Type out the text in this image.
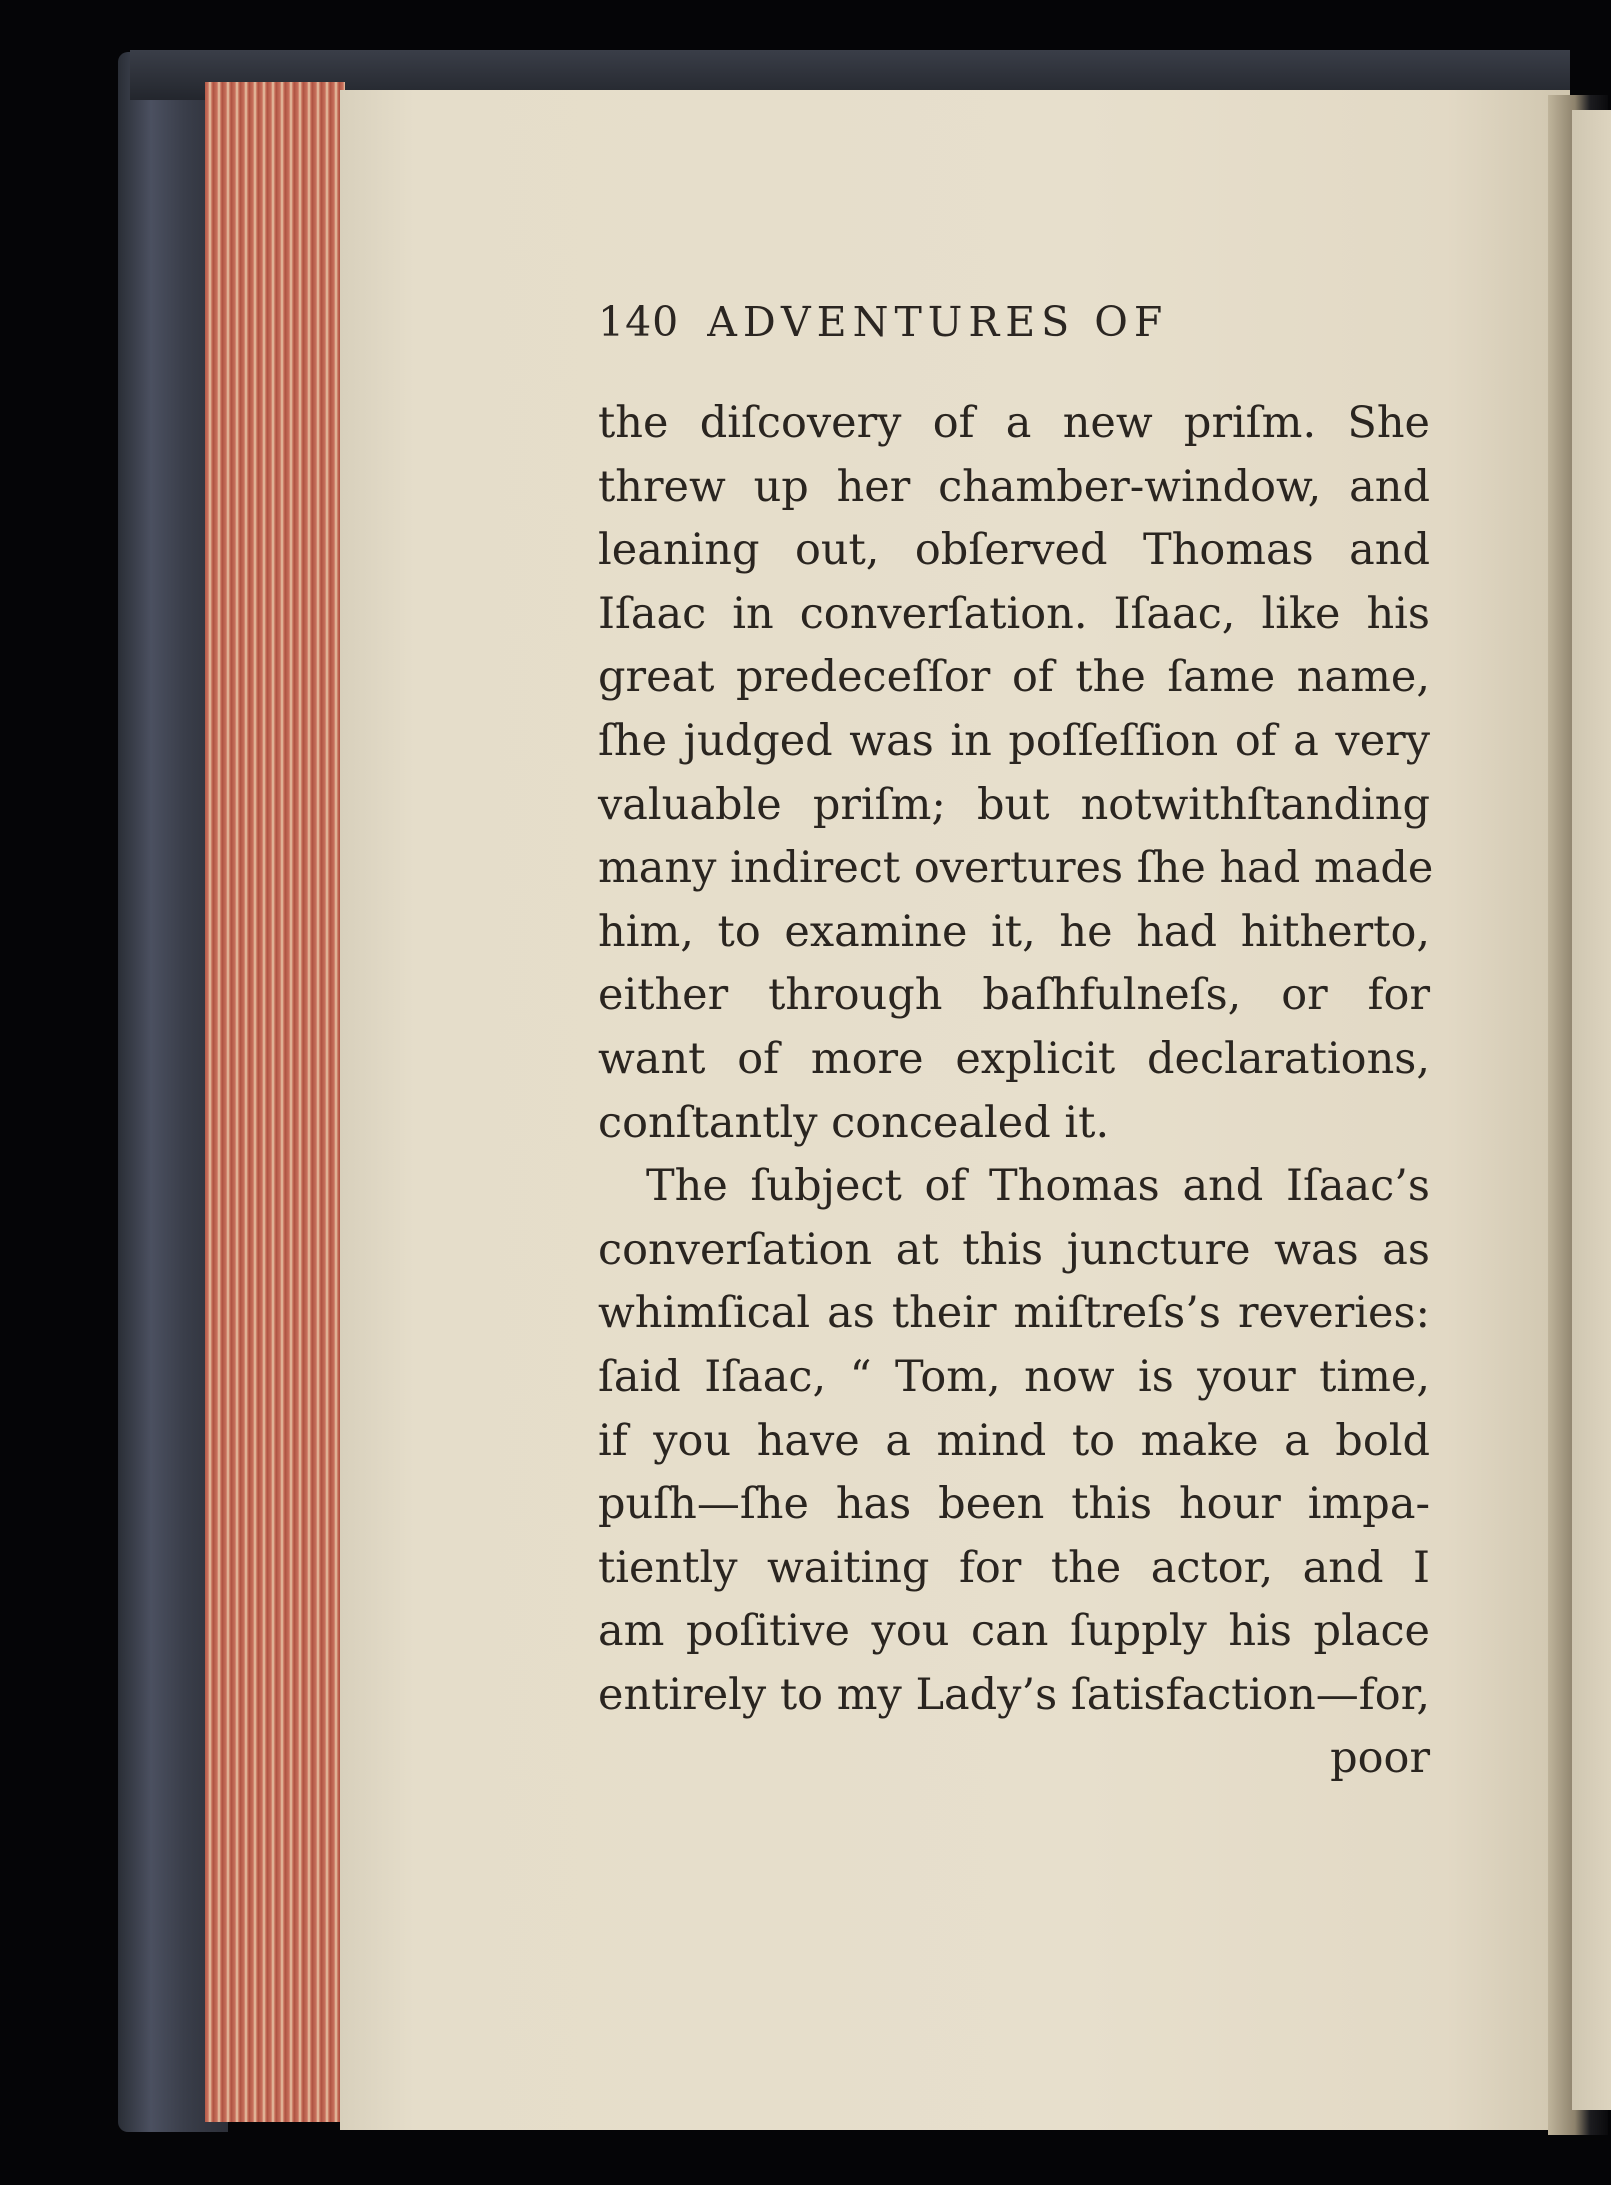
140 ADVENTURES OF
the diſcovery of a new priſm. She
threw up her chamber-window, and
leaning out, obſerved Thomas and
Iſaac in converſation. Iſaac, like his
great predeceſſor of the ſame name,
ſhe judged was in poſſeſſion of a very
valuable priſm; but notwithſtanding
many indirect overtures ſhe had made
him, to examine it, he had hitherto,
either through baſhfulneſs, or for
want of more explicit declarations,
conſtantly concealed it.
The ſubject of Thomas and Iſaac’s
converſation at this juncture was as
whimſical as their miſtreſs’s reveries:
ſaid Iſaac, “ Tom, now is your time,
if you have a mind to make a bold
puſh—ſhe has been this hour impa-
tiently waiting for the actor, and I
am poſitive you can ſupply his place
entirely to my Lady’s ſatisfaction—for,
poor
